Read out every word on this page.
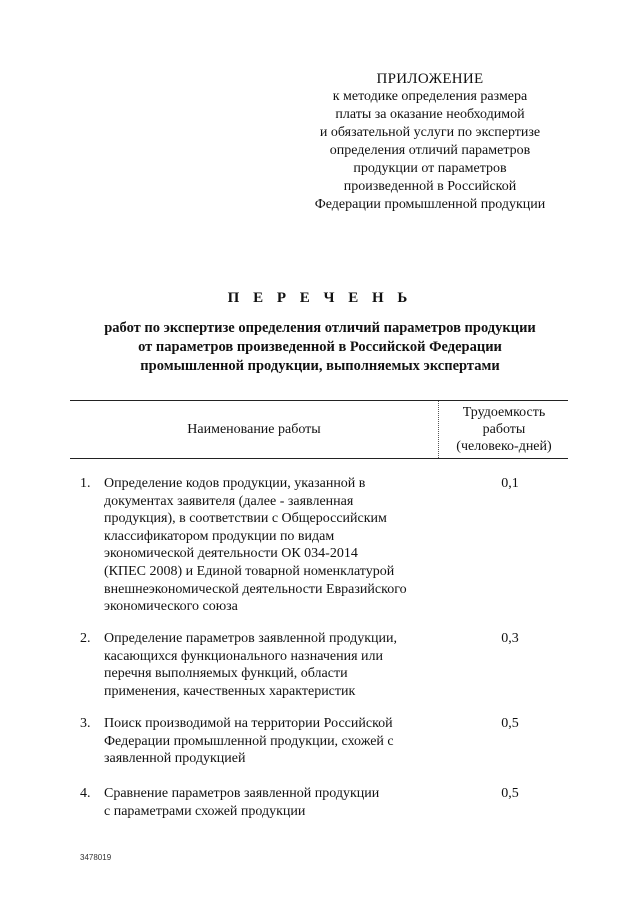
ПРИЛОЖЕНИЕ
к методике определения размера
платы за оказание необходимой
и обязательной услуги по экспертизе
определения отличий параметров
продукции от параметров
произведенной в Российской
Федерации промышленной продукции
П Е Р Е Ч Е Н Ь
работ по экспертизе определения отличий параметров продукции
от параметров произведенной в Российской Федерации
промышленной продукции, выполняемых экспертами
Наименование работы
Трудоемкость
работы
(человеко-дней)
1. Определение кодов продукции, указанной в
документах заявителя (далее - заявленная
продукция), в соответствии с Общероссийским
классификатором продукции по видам
экономической деятельности ОК 034-2014
(КПЕС 2008) и Единой товарной номенклатурой
внешнеэкономической деятельности Евразийского
экономического союза
0,1
2. Определение параметров заявленной продукции,
касающихся функционального назначения или
перечня выполняемых функций, области
применения, качественных характеристик
0,3
3. Поиск производимой на территории Российской
Федерации промышленной продукции, схожей с
заявленной продукцией
0,5
4. Сравнение параметров заявленной продукции
с параметрами схожей продукции
0,5
3478019
